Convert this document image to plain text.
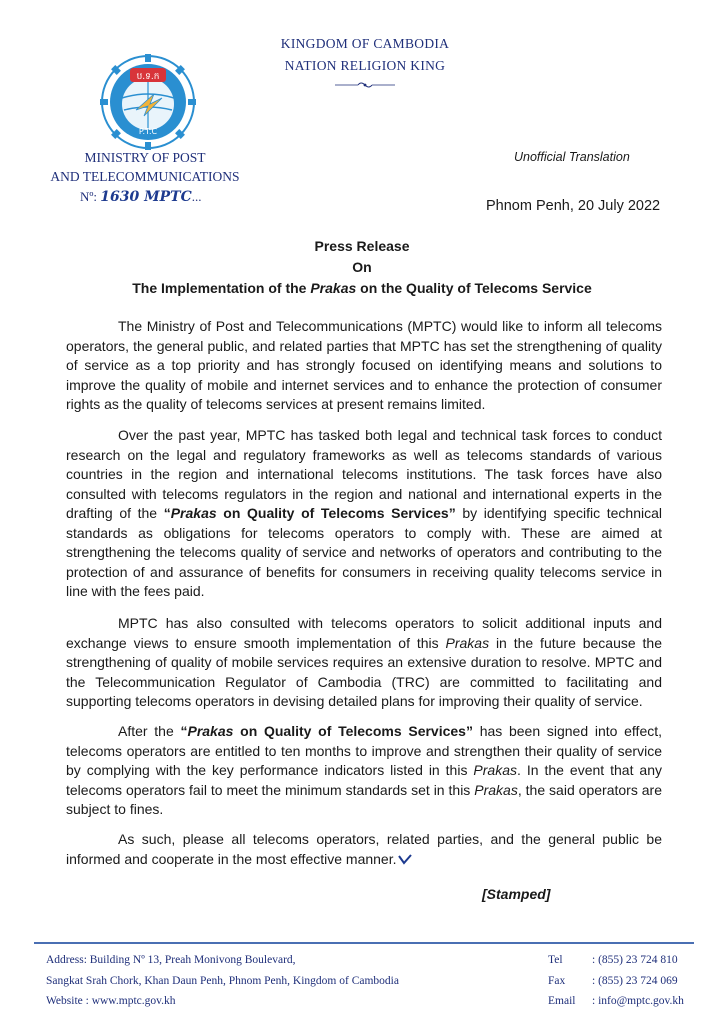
KINGDOM OF CAMBODIA
NATION RELIGION KING
ប.ទ.ក
P.T.C
MINISTRY OF POST
AND TELECOMMUNICATIONS
Nº: 1630 MPTC...
Unofficial Translation
Phnom Penh, 20 July 2022
Press Release
On
The Implementation of the Prakas on the Quality of Telecoms Service

The Ministry of Post and Telecommunications (MPTC) would like to inform all telecoms operators, the general public, and related parties that MPTC has set the strengthening of quality of service as a top priority and has strongly focused on identifying means and solutions to improve the quality of mobile and internet services and to enhance the protection of consumer rights as the quality of telecoms services at present remains limited.

Over the past year, MPTC has tasked both legal and technical task forces to conduct research on the legal and regulatory frameworks as well as telecoms standards of various countries in the region and international telecoms institutions. The task forces have also consulted with telecoms regulators in the region and national and international experts in the drafting of the “Prakas on Quality of Telecoms Services” by identifying specific technical standards as obligations for telecoms operators to comply with. These are aimed at strengthening the telecoms quality of service and networks of operators and contributing to the protection of and assurance of benefits for consumers in receiving quality telecoms service in line with the fees paid.

MPTC has also consulted with telecoms operators to solicit additional inputs and exchange views to ensure smooth implementation of this Prakas in the future because the strengthening of quality of mobile services requires an extensive duration to resolve. MPTC and the Telecommunication Regulator of Cambodia (TRC) are committed to facilitating and supporting telecoms operators in devising detailed plans for improving their quality of service.

After the “Prakas on Quality of Telecoms Services” has been signed into effect, telecoms operators are entitled to ten months to improve and strengthen their quality of service by complying with the key performance indicators listed in this Prakas. In the event that any telecoms operators fail to meet the minimum standards set in this Prakas, the said operators are subject to fines.

As such, please all telecoms operators, related parties, and the general public be informed and cooperate in the most effective manner.

[Stamped]
Address: Building Nº 13, Preah Monivong Boulevard,
Sangkat Srah Chork, Khan Daun Penh, Phnom Penh, Kingdom of Cambodia
Website : www.mptc.gov.kh
Tel	: (855) 23 724 810
Fax : (855) 23 724 069
Email : info@mptc.gov.kh
